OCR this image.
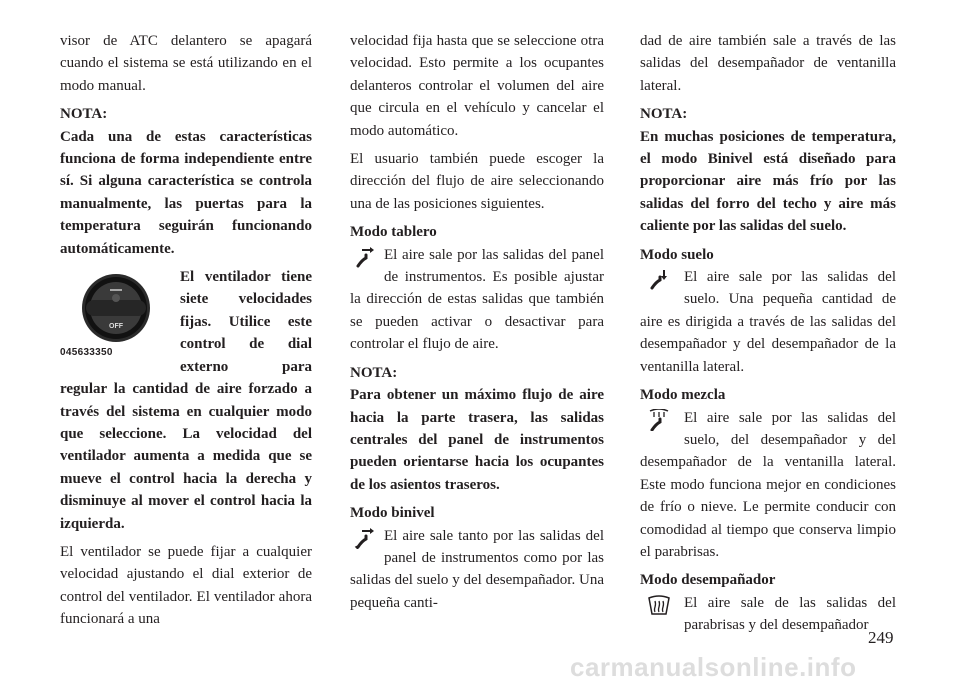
visor de ATC delantero se apagará cuando el sistema se está utilizando en el modo manual.

NOTA:

Cada una de estas características funciona de forma independiente entre sí. Si alguna característica se controla manualmente, las puertas para la temperatura seguirán funcionando automáticamente.

OFF
045633350

El ventilador tiene siete velocidades fijas. Utilice este control de dial externo para regular la cantidad de aire forzado a través del sistema en cualquier modo que seleccione. La velocidad del ventilador aumenta a medida que se mueve el control hacia la derecha y disminuye al mover el control hacia la izquierda.

El ventilador se puede fijar a cualquier velocidad ajustando el dial exterior de control del ventilador. El ventilador ahora funcionará a una

velocidad fija hasta que se seleccione otra velocidad. Esto permite a los ocupantes delanteros controlar el volumen del aire que circula en el vehículo y cancelar el modo automático.

El usuario también puede escoger la dirección del flujo de aire seleccionando una de las posiciones siguientes.

Modo tablero

El aire sale por las salidas del panel de instrumentos. Es posible ajustar la dirección de estas salidas que también se pueden activar o desactivar para controlar el flujo de aire.

NOTA:

Para obtener un máximo flujo de aire hacia la parte trasera, las salidas centrales del panel de instrumentos pueden orientarse hacia los ocupantes de los asientos traseros.

Modo binivel

El aire sale tanto por las salidas del panel de instrumentos como por las salidas del suelo y del desempañador. Una pequeña canti-

dad de aire también sale a través de las salidas del desempañador de ventanilla lateral.

NOTA:

En muchas posiciones de temperatura, el modo Binivel está diseñado para proporcionar aire más frío por las salidas del forro del techo y aire más caliente por las salidas del suelo.

Modo suelo

El aire sale por las salidas del suelo. Una pequeña cantidad de aire es dirigida a través de las salidas del desempañador y del desempañador de la ventanilla lateral.

Modo mezcla

El aire sale por las salidas del suelo, del desempañador y del desempañador de la ventanilla lateral. Este modo funciona mejor en condiciones de frío o nieve. Le permite conducir con comodidad al tiempo que conserva limpio el parabrisas.

Modo desempañador

El aire sale de las salidas del parabrisas y del desempañador

249
carmanualsonline.info
